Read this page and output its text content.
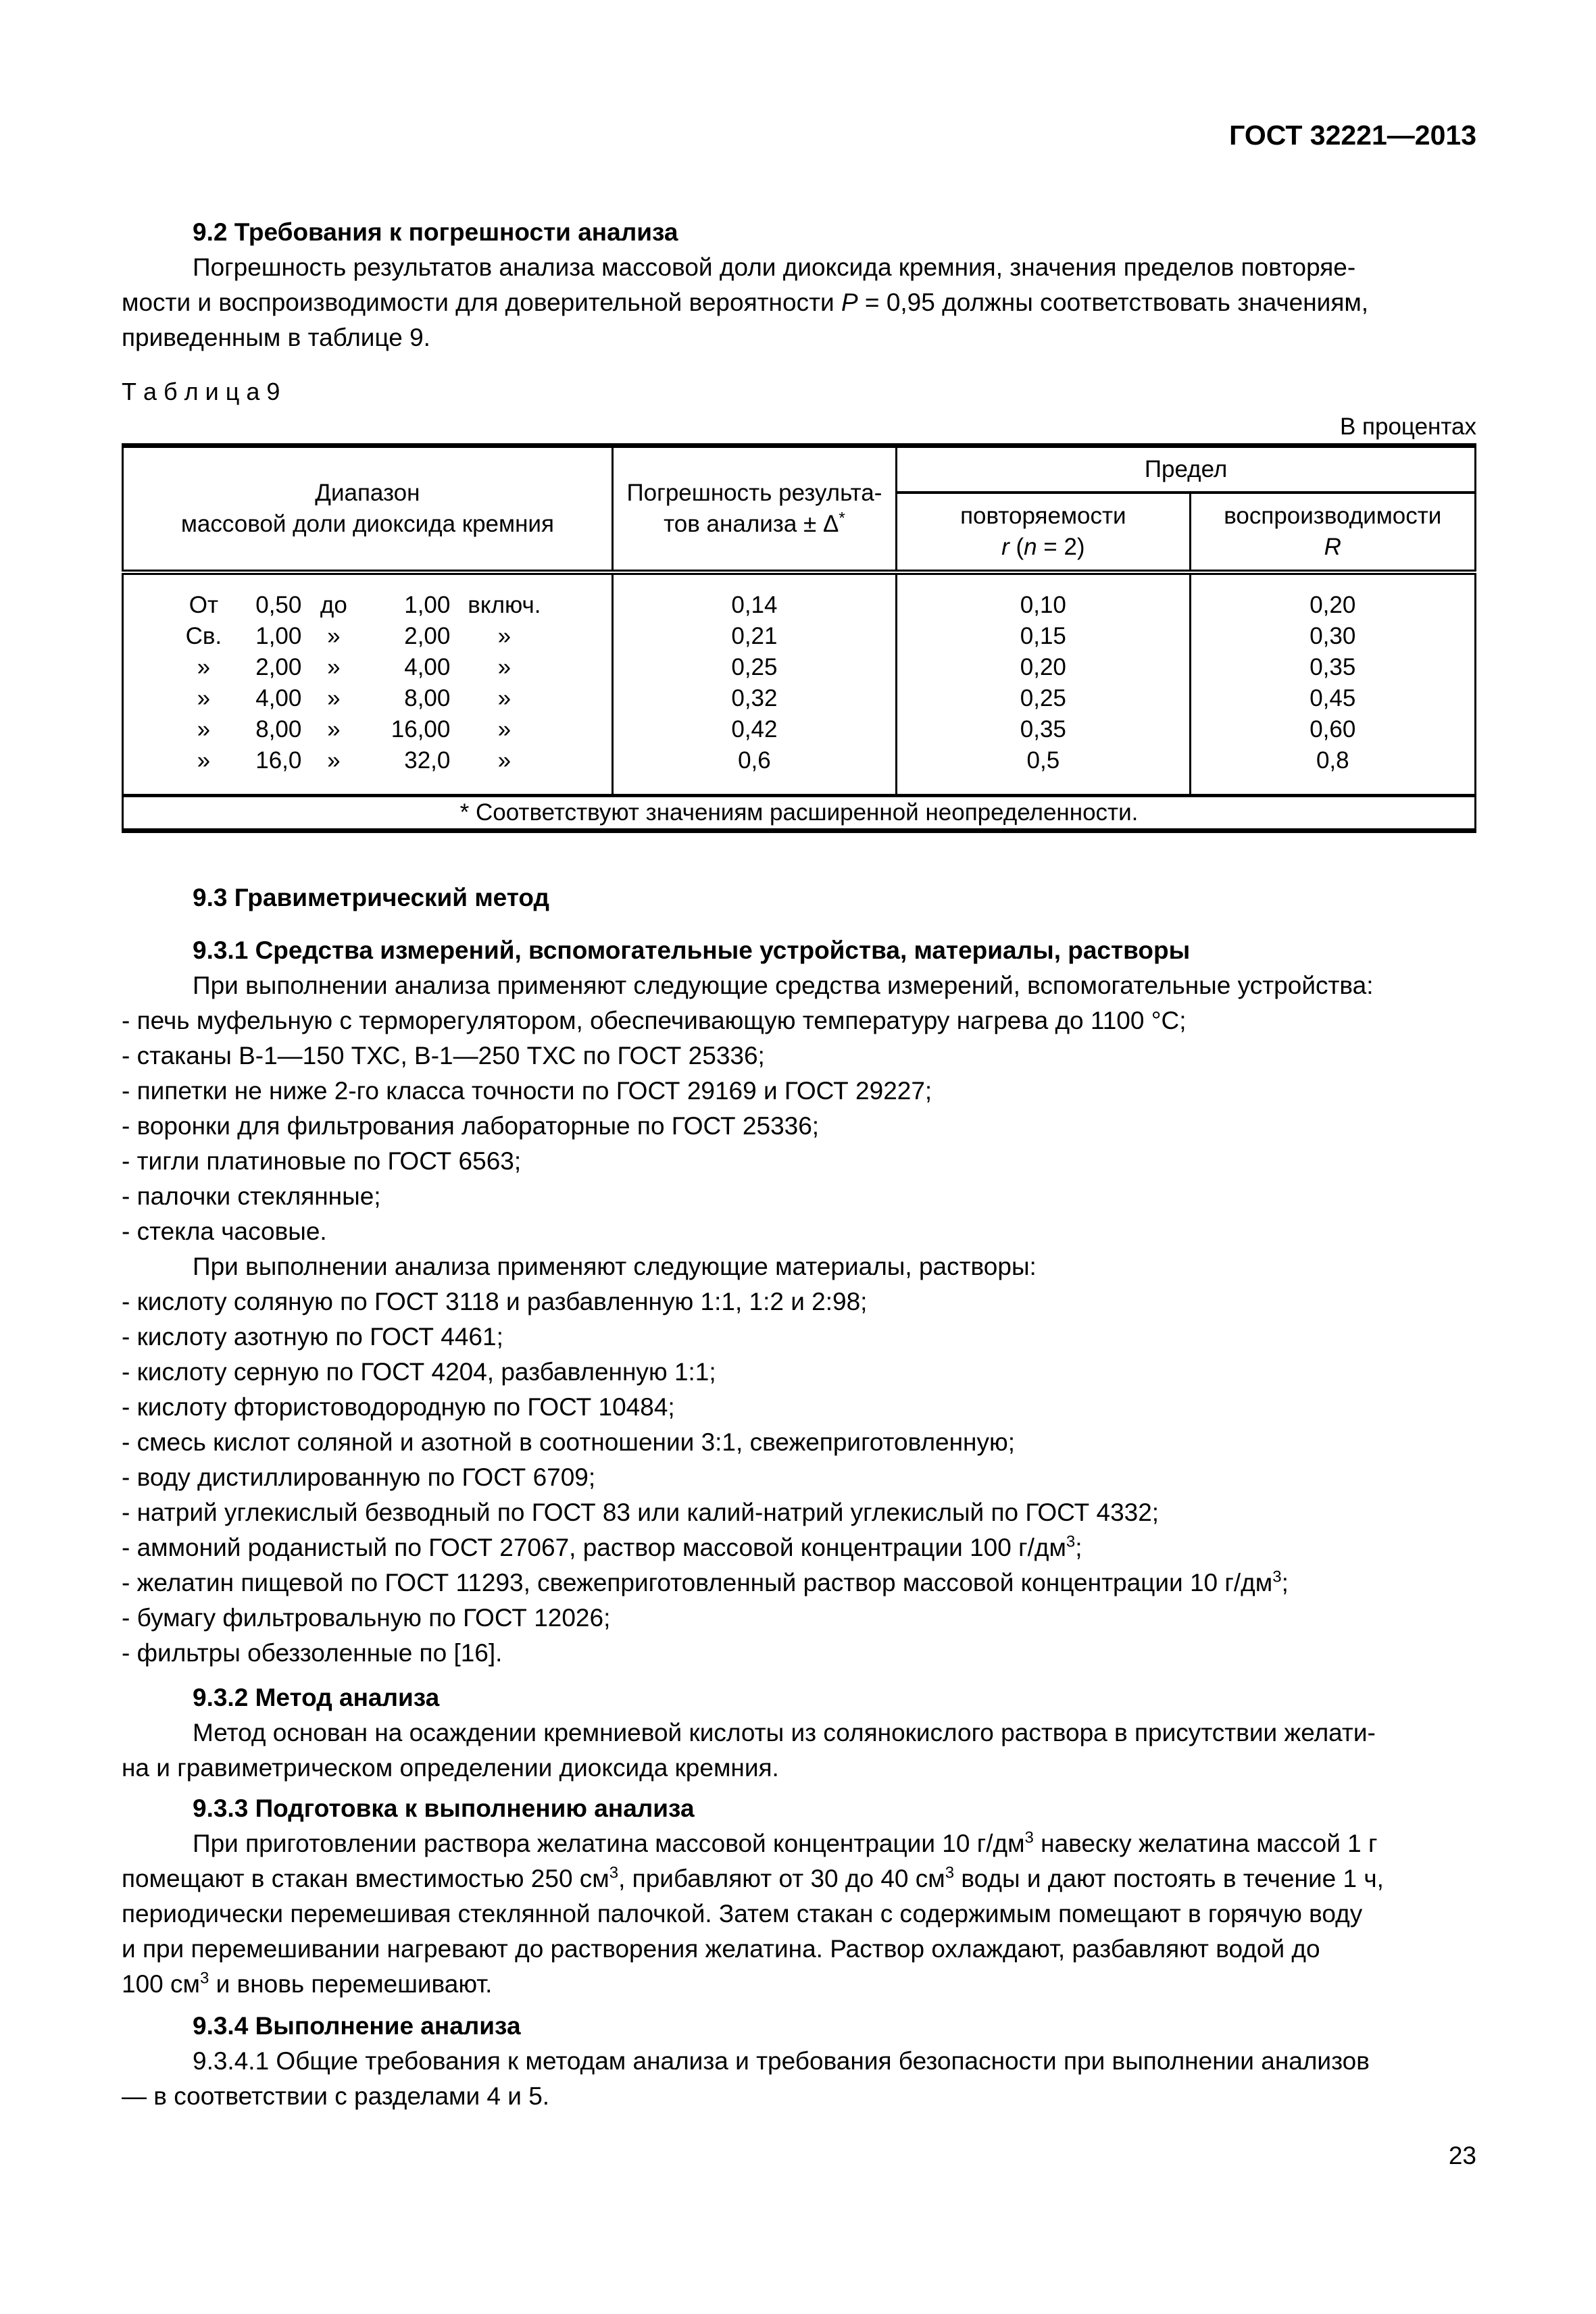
ГОСТ 32221—2013
9.2 Требования к погрешности анализа
Погрешность результатов анализа массовой доли диоксида кремния, значения пределов повторяе-
мости и воспроизводимости для доверительной вероятности Р = 0,95 должны соответствовать значениям,
приведенным в таблице 9.
Т а б л и ц а 9
В процентах
Диапазон
массовой доли диоксида кремния

Погрешность результа-
тов анализа ± Δ*
	Предел

повторяемости
r (n = 2)

воспроизводимости
R

От 0,50 до 1,00 включ.	0,14	0,10	0,20
Св. 1,00 » 2,00 »	0,21	0,15	0,30
» 2,00 » 4,00 »	0,25	0,20	0,35
» 4,00 » 8,00 »	0,32	0,25	0,45
» 8,00 » 16,00 »	0,42	0,35	0,60
» 16,0 » 32,0 »	0,6	0,5	0,8
* Соответствуют значениям расширенной неопределенности.			
9.3 Гравиметрический метод
9.3.1 Средства измерений, вспомогательные устройства, материалы, растворы
При выполнении анализа применяют следующие средства измерений, вспомогательные устройства:
- печь муфельную с терморегулятором, обеспечивающую температуру нагрева до 1100 °С;
- стаканы В-1—150 ТХС, В-1—250 ТХС по ГОСТ 25336;
- пипетки не ниже 2-го класса точности по ГОСТ 29169 и ГОСТ 29227;
- воронки для фильтрования лабораторные по ГОСТ 25336;
- тигли платиновые по ГОСТ 6563;
- палочки стеклянные;
- стекла часовые.
При выполнении анализа применяют следующие материалы, растворы:
- кислоту соляную по ГОСТ 3118 и разбавленную 1:1, 1:2 и 2:98;
- кислоту азотную по ГОСТ 4461;
- кислоту серную по ГОСТ 4204, разбавленную 1:1;
- кислоту фтористоводородную по ГОСТ 10484;
- смесь кислот соляной и азотной в соотношении 3:1, свежеприготовленную;
- воду дистиллированную по ГОСТ 6709;
- натрий углекислый безводный по ГОСТ 83 или калий-натрий углекислый по ГОСТ 4332;
- аммоний роданистый по ГОСТ 27067, раствор массовой концентрации 100 $г/дм^3$;
- желатин пищевой по ГОСТ 11293, свежеприготовленный раствор массовой концентрации 10 $г/дм^3$;
- бумагу фильтровальную по ГОСТ 12026;
- фильтры обеззоленные по [16].
9.3.2 Метод анализа
Метод основан на осаждении кремниевой кислоты из солянокислого раствора в присутствии желати-
на и гравиметрическом определении диоксида кремния.
9.3.3 Подготовка к выполнению анализа
При приготовлении раствора желатина массовой концентрации 10 $г/дм^3$ навеску желатина массой 1 г
помещают в стакан вместимостью 250 $см^3$, прибавляют от 30 до 40 $см^3$ воды и дают постоять в течение 1 ч,
периодически перемешивая стеклянной палочкой. Затем стакан с содержимым помещают в горячую воду
и при перемешивании нагревают до растворения желатина. Раствор охлаждают, разбавляют водой до
100 $см^3$ и вновь перемешивают.
9.3.4 Выполнение анализа
9.3.4.1 Общие требования к методам анализа и требования безопасности при выполнении анализов
— в соответствии с разделами 4 и 5.
23
